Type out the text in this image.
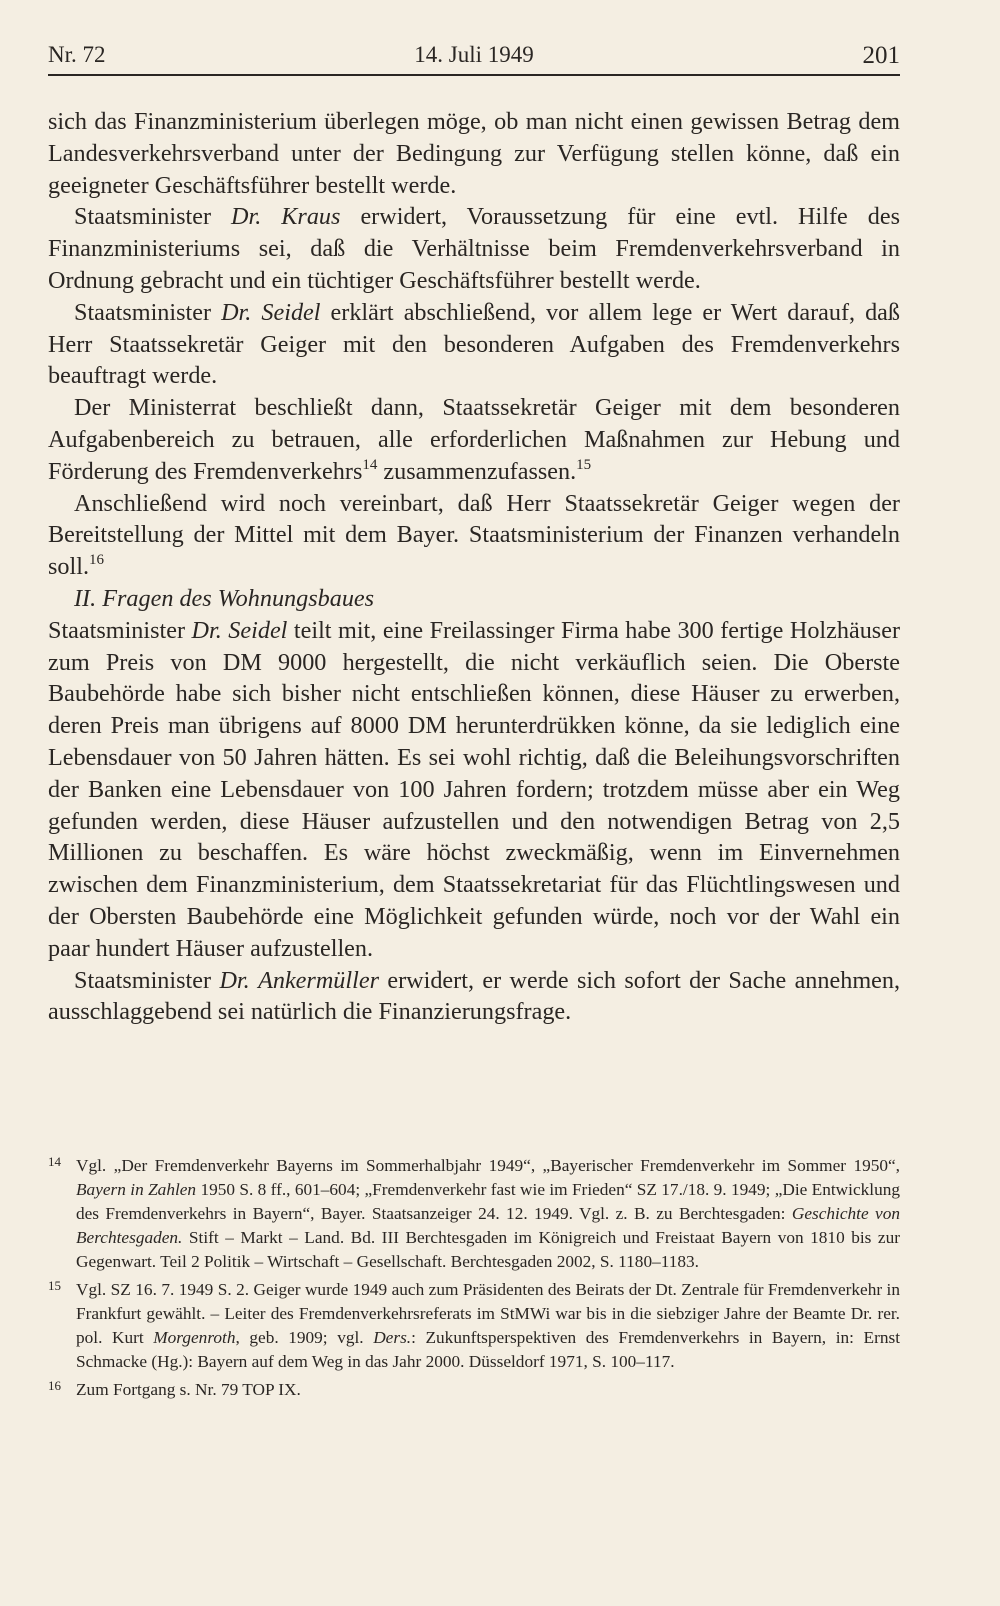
Nr. 72	14. Juli 1949	201

sich das Finanzministerium überlegen möge, ob man nicht einen gewissen Betrag dem Landesverkehrsverband unter der Bedingung zur Verfügung stellen könne, daß ein geeigneter Geschäftsführer bestellt werde.

Staatsminister Dr. Kraus erwidert, Voraussetzung für eine evtl. Hilfe des Finanzministeriums sei, daß die Verhältnisse beim Fremdenverkehrsverband in Ordnung gebracht und ein tüchtiger Geschäftsführer bestellt werde.

Staatsminister Dr. Seidel erklärt abschließend, vor allem lege er Wert darauf, daß Herr Staatssekretär Geiger mit den besonderen Aufgaben des Fremdenverkehrs beauftragt werde.

Der Ministerrat beschließt dann, Staatssekretär Geiger mit dem besonderen Aufgabenbereich zu betrauen, alle erforderlichen Maßnahmen zur Hebung und Förderung des Fremdenverkehrs$^{14}$ zusammenzufassen.$^{15}$

Anschließend wird noch vereinbart, daß Herr Staatssekretär Geiger wegen der Bereitstellung der Mittel mit dem Bayer. Staatsministerium der Finanzen verhandeln soll.$^{16}$

II. Fragen des Wohnungsbaues

Staatsminister Dr. Seidel teilt mit, eine Freilassinger Firma habe 300 fertige Holzhäuser zum Preis von DM 9000 hergestellt, die nicht verkäuflich seien. Die Oberste Baubehörde habe sich bisher nicht entschließen können, diese Häuser zu erwerben, deren Preis man übrigens auf 8000 DM herunterdrükken könne, da sie lediglich eine Lebensdauer von 50 Jahren hätten. Es sei wohl richtig, daß die Beleihungsvorschriften der Banken eine Lebensdauer von 100 Jahren fordern; trotzdem müsse aber ein Weg gefunden werden, diese Häuser aufzustellen und den notwendigen Betrag von 2,5 Millionen zu beschaffen. Es wäre höchst zweckmäßig, wenn im Einvernehmen zwischen dem Finanzministerium, dem Staatssekretariat für das Flüchtlingswesen und der Obersten Baubehörde eine Möglichkeit gefunden würde, noch vor der Wahl ein paar hundert Häuser aufzustellen.

Staatsminister Dr. Ankermüller erwidert, er werde sich sofort der Sache annehmen, ausschlaggebend sei natürlich die Finanzierungsfrage.

14 Vgl. „Der Fremdenverkehr Bayerns im Sommerhalbjahr 1949“, „Bayerischer Fremdenverkehr im Sommer 1950“, Bayern in Zahlen 1950 S. 8 ff., 601–604; „Fremdenverkehr fast wie im Frieden“ SZ 17./18. 9. 1949; „Die Entwicklung des Fremdenverkehrs in Bayern“, Bayer. Staatsanzeiger 24. 12. 1949. Vgl. z. B. zu Berchtesgaden: Geschichte von Berchtesgaden. Stift – Markt – Land. Bd. III Berchtesgaden im Königreich und Freistaat Bayern von 1810 bis zur Gegenwart. Teil 2 Politik – Wirtschaft – Gesellschaft. Berchtesgaden 2002, S. 1180–1183.
15 Vgl. SZ 16. 7. 1949 S. 2. Geiger wurde 1949 auch zum Präsidenten des Beirats der Dt. Zentrale für Fremdenverkehr in Frankfurt gewählt. – Leiter des Fremdenverkehrsreferats im StMWi war bis in die siebziger Jahre der Beamte Dr. rer. pol. Kurt Morgenroth, geb. 1909; vgl. Ders.: Zukunftsperspektiven des Fremdenverkehrs in Bayern, in: Ernst Schmacke (Hg.): Bayern auf dem Weg in das Jahr 2000. Düsseldorf 1971, S. 100–117.
16 Zum Fortgang s. Nr. 79 TOP IX.
